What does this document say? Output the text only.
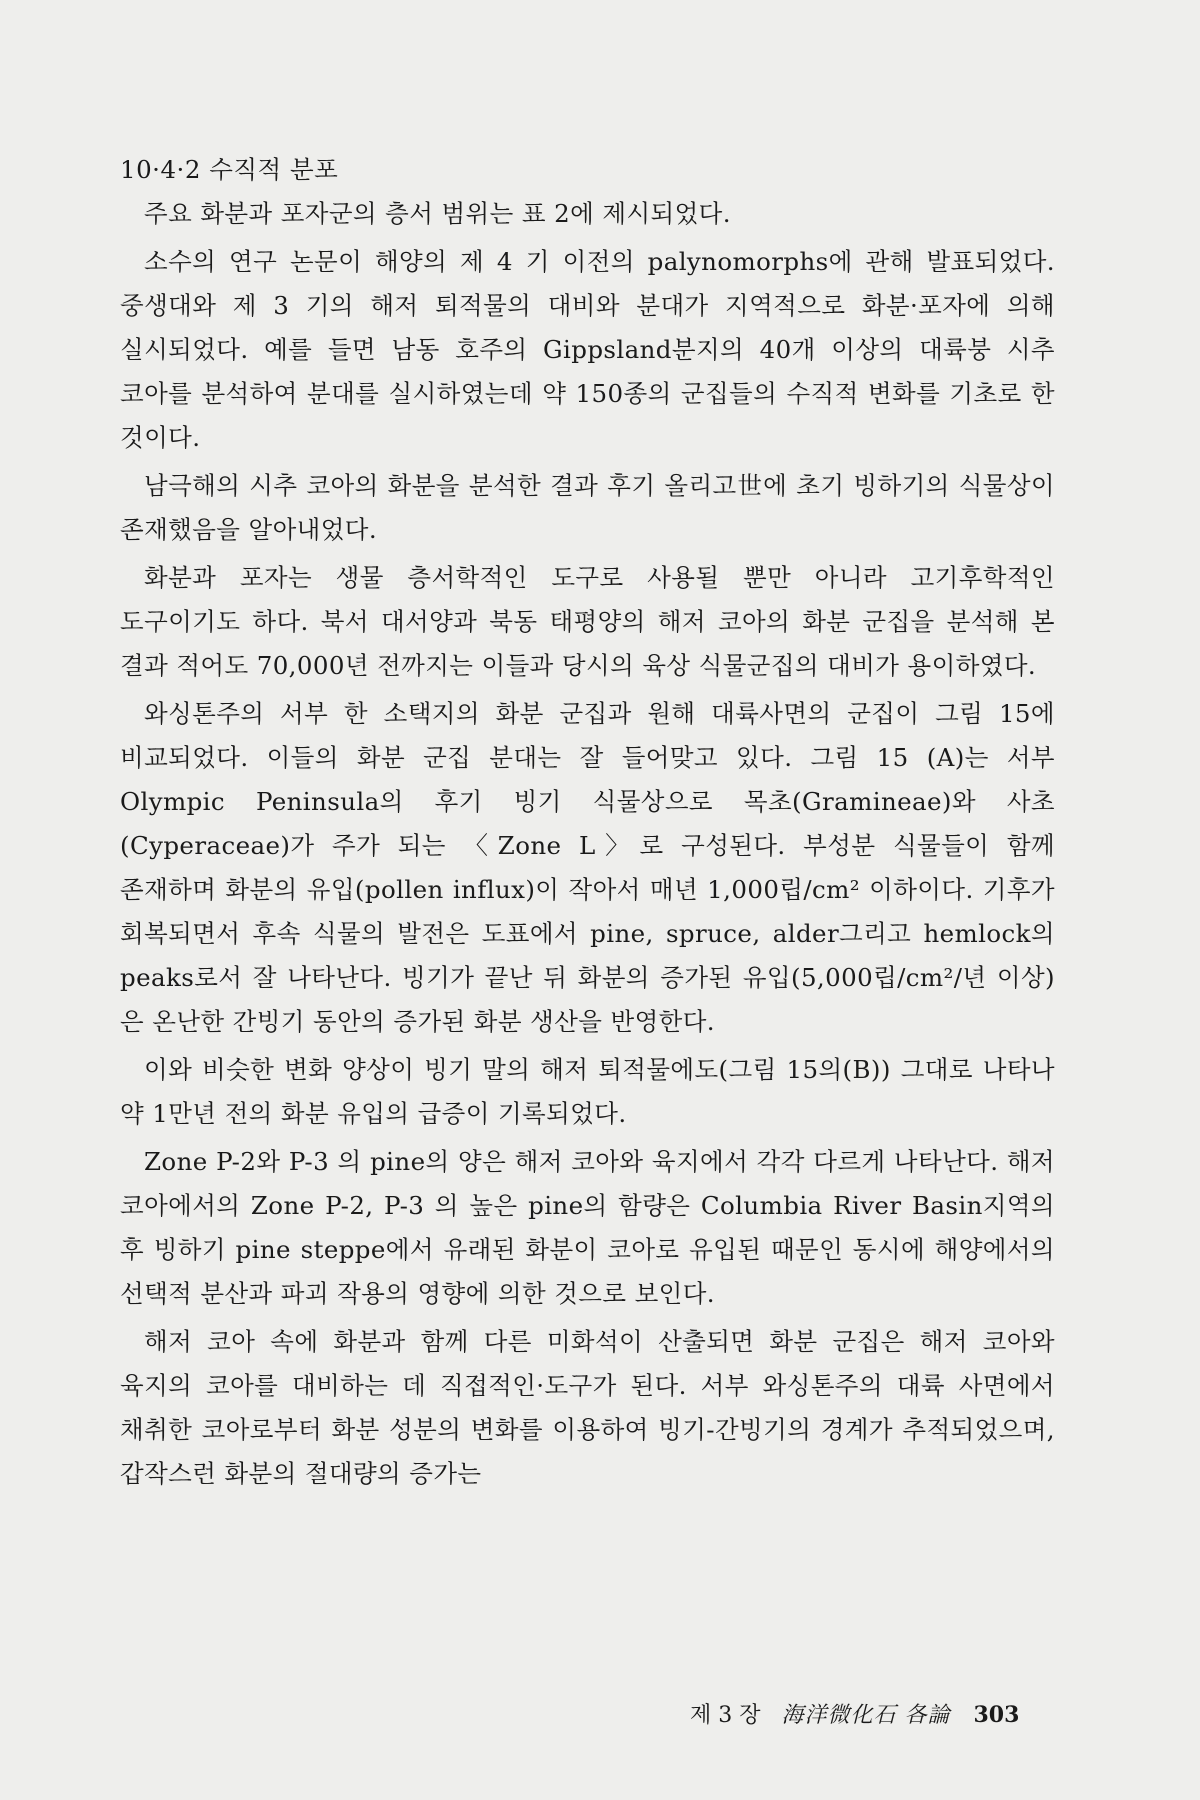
10·4·2 수직적 분포

주요 화분과 포자군의 층서 범위는 표 2에 제시되었다.

소수의 연구 논문이 해양의 제 4 기 이전의 palynomorphs에 관해 발표되었다. 중생대와 제 3 기의 해저 퇴적물의 대비와 분대가 지역적으로 화분·포자에 의해 실시되었다. 예를 들면 남동 호주의 Gippsland분지의 40개 이상의 대륙붕 시추 코아를 분석하여 분대를 실시하였는데 약 150종의 군집들의 수직적 변화를 기초로 한 것이다.

남극해의 시추 코아의 화분을 분석한 결과 후기 올리고世에 초기 빙하기의 식물상이 존재했음을 알아내었다.

화분과 포자는 생물 층서학적인 도구로 사용될 뿐만 아니라 고기후학적인 도구이기도 하다. 북서 대서양과 북동 태평양의 해저 코아의 화분 군집을 분석해 본 결과 적어도 70,000년 전까지는 이들과 당시의 육상 식물군집의 대비가 용이하였다.

와싱톤주의 서부 한 소택지의 화분 군집과 원해 대륙사면의 군집이 그림 15에 비교되었다. 이들의 화분 군집 분대는 잘 들어맞고 있다. 그림 15 (A)는 서부 Olympic Peninsula의 후기 빙기 식물상으로 목초(Gramineae)와 사초(Cyperaceae)가 주가 되는 〈Zone L〉로 구성된다. 부성분 식물들이 함께 존재하며 화분의 유입(pollen influx)이 작아서 매년 1,000립/cm² 이하이다. 기후가 회복되면서 후속 식물의 발전은 도표에서 pine, spruce, alder그리고 hemlock의 peaks로서 잘 나타난다. 빙기가 끝난 뒤 화분의 증가된 유입(5,000립/cm²/년 이상)은 온난한 간빙기 동안의 증가된 화분 생산을 반영한다.

이와 비슷한 변화 양상이 빙기 말의 해저 퇴적물에도(그림 15의(B)) 그대로 나타나 약 1만년 전의 화분 유입의 급증이 기록되었다.

Zone P-2와 P-3 의 pine의 양은 해저 코아와 육지에서 각각 다르게 나타난다. 해저 코아에서의 Zone P-2, P-3 의 높은 pine의 함량은 Columbia River Basin지역의 후 빙하기 pine steppe에서 유래된 화분이 코아로 유입된 때문인 동시에 해양에서의 선택적 분산과 파괴 작용의 영향에 의한 것으로 보인다.

해저 코아 속에 화분과 함께 다른 미화석이 산출되면 화분 군집은 해저 코아와 육지의 코아를 대비하는 데 직접적인·도구가 된다. 서부 와싱톤주의 대륙 사면에서 채취한 코아로부터 화분 성분의 변화를 이용하여 빙기-간빙기의 경계가 추적되었으며, 갑작스런 화분의 절대량의 증가는

제 3 장 海洋微化石 各論 303
